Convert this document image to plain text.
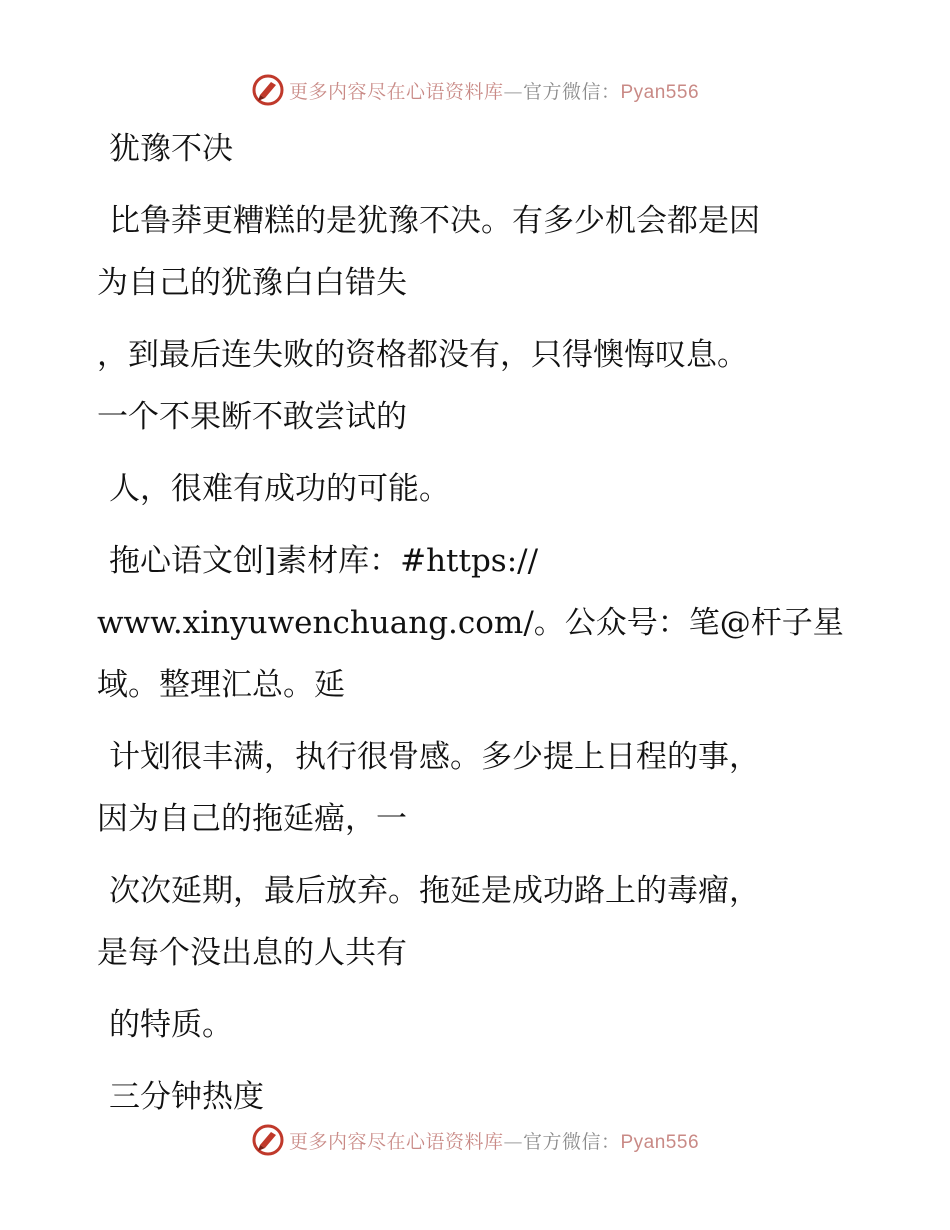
更多内容尽在心语资料库—官方微信：Pyan556

犹豫不决

比鲁莽更糟糕的是犹豫不决。有多少机会都是因
为自己的犹豫白白错失

，到最后连失败的资格都没有，只得懊悔叹息。
一个不果断不敢尝试的

人，很难有成功的可能。

拖心语文创]素材库：#https://
www.xinyuwenchuang.com/。公众号：笔@杆子星
域。整理汇总。延

计划很丰满，执行很骨感。多少提上日程的事，
因为自己的拖延癌，一

次次延期，最后放弃。拖延是成功路上的毒瘤，
是每个没出息的人共有

的特质。

三分钟热度

更多内容尽在心语资料库—官方微信：Pyan556
